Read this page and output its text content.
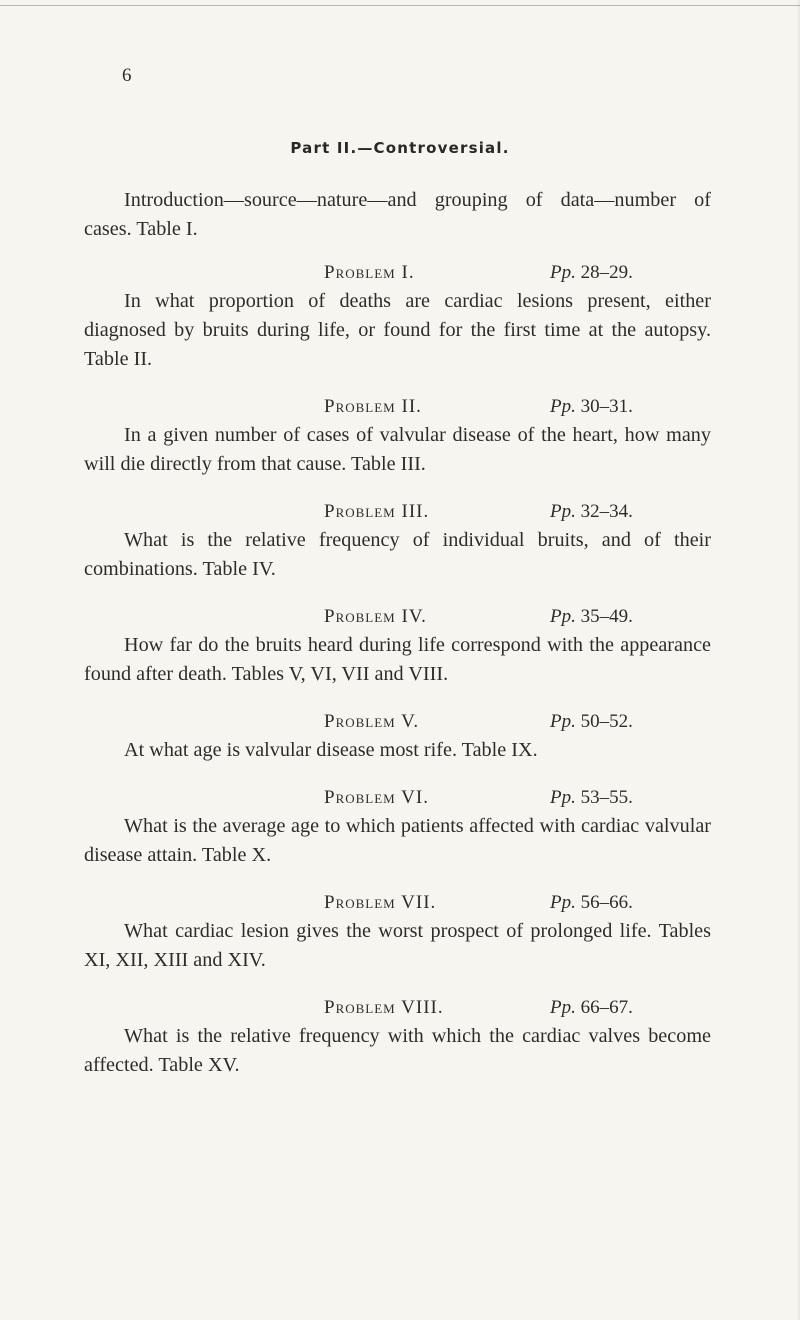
6
Part II.—Controversial.

Introduction—source—nature—and grouping of data—number of cases. Table I.

Problem I.	Pp. 28–29.

In what proportion of deaths are cardiac lesions present, either diagnosed by bruits during life, or found for the first time at the autopsy. Table II.

Problem II.	Pp. 30–31.

In a given number of cases of valvular disease of the heart, how many will die directly from that cause. Table III.

Problem III.	Pp. 32–34.

What is the relative frequency of individual bruits, and of their combinations. Table IV.

Problem IV.	Pp. 35–49.

How far do the bruits heard during life correspond with the appearance found after death. Tables V, VI, VII and VIII.

Problem V.	Pp. 50–52.

At what age is valvular disease most rife. Table IX.

Problem VI.	Pp. 53–55.

What is the average age to which patients affected with cardiac valvular disease attain. Table X.

Problem VII.	Pp. 56–66.

What cardiac lesion gives the worst prospect of prolonged life. Tables XI, XII, XIII and XIV.

Problem VIII.	Pp. 66–67.

What is the relative frequency with which the cardiac valves become affected. Table XV.
